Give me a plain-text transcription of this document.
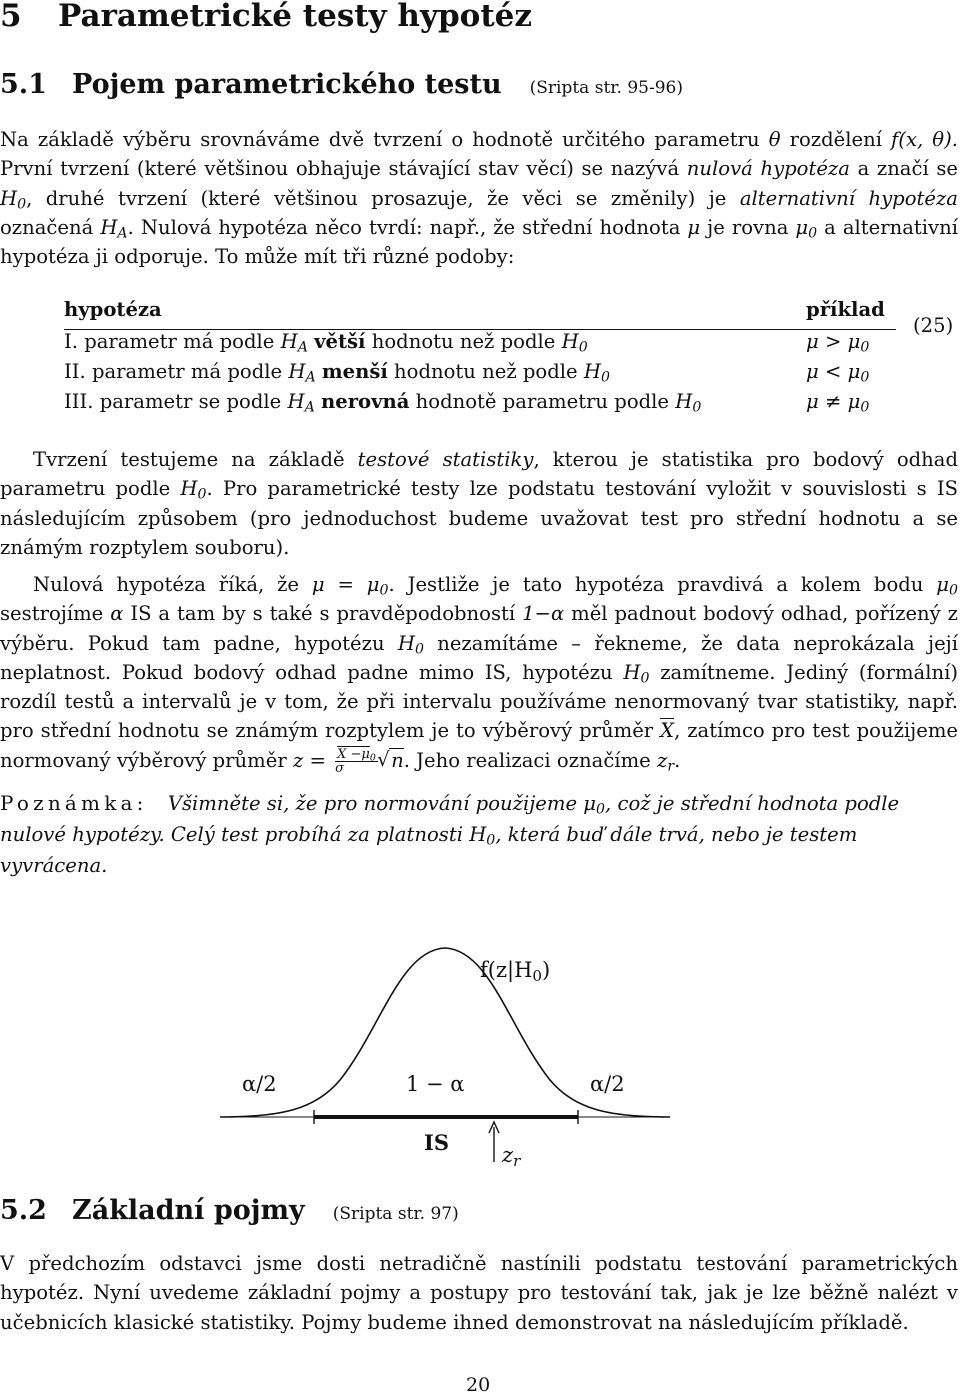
5 Parametrické testy hypotéz
5.1 Pojem parametrického testu (Sripta str. 95-96)
Na základě výběru srovnáváme dvě tvrzení o hodnotě určitého parametru θ rozdělení f(x, θ). První tvrzení (které většinou obhajuje stávající stav věcí) se nazývá nulová hypotéza a značí se $H_0$, druhé tvrzení (které většinou prosazuje, že věci se změnily) je alternativní hypotéza označená $H_A$. Nulová hypotéza něco tvrdí: např., že střední hodnota μ je rovna $\mu_0$ a alternativní hypotéza ji odporuje. To může mít tři různé podoby:
hypotéza	příklad
I. parametr má podle $H_A$ větší hodnotu než podle $H_0$	$\mu > \mu_0$
II. parametr má podle $H_A$ menší hodnotu než podle $H_0$	$\mu < \mu_0$
III. parametr se podle $H_A$ nerovná hodnotě parametru podle $H_0$	$\mu \ne \mu_0$
(25)
Tvrzení testujeme na základě testové statistiky, kterou je statistika pro bodový odhad parametru podle $H_0$. Pro parametrické testy lze podstatu testování vyložit v souvislosti s IS následujícím způsobem (pro jednoduchost budeme uvažovat test pro střední hodnotu a se známým rozptylem souboru).
Nulová hypotéza říká, že $\mu = \mu_0$. Jestliže je tato hypotéza pravdivá a kolem bodu $\mu_0$ sestrojíme α IS a tam by s také s pravděpodobností 1−α měl padnout bodový odhad, pořízený z výběru. Pokud tam padne, hypotézu $H_0$ nezamítáme – řekneme, že data neprokázala její neplatnost. Pokud bodový odhad padne mimo IS, hypotézu $H_0$ zamítneme. Jediný (formální) rozdíl testů a intervalů je v tom, že při intervalu používáme nenormovaný tvar statistiky, např. pro střední hodnotu se známým rozptylem je to výběrový průměr $\overline{X}$, zatímco pro test použijeme normovaný výběrový průměr $z = \frac{X -\mu_0}{\sigma}$ √ n. Jeho realizaci označíme $z_r$.
Poznámka: Všimněte si, že pro normování použijeme $\mu_0$, což je střední hodnota podle nulové hypotézy. Celý test probíhá za platnosti $H_0$, která buď dále trvá, nebo je testem vyvrácena.
$f(z|H_0)$
α/2	1 − α	α/2
IS	$z_r$
5.2 Základní pojmy (Sripta str. 97)
V předchozím odstavci jsme dosti netradičně nastínili podstatu testování parametrických hypotéz. Nyní uvedeme základní pojmy a postupy pro testování tak, jak je lze běžně nalézt v učebnicích klasické statistiky. Pojmy budeme ihned demonstrovat na následujícím příkladě.
20
